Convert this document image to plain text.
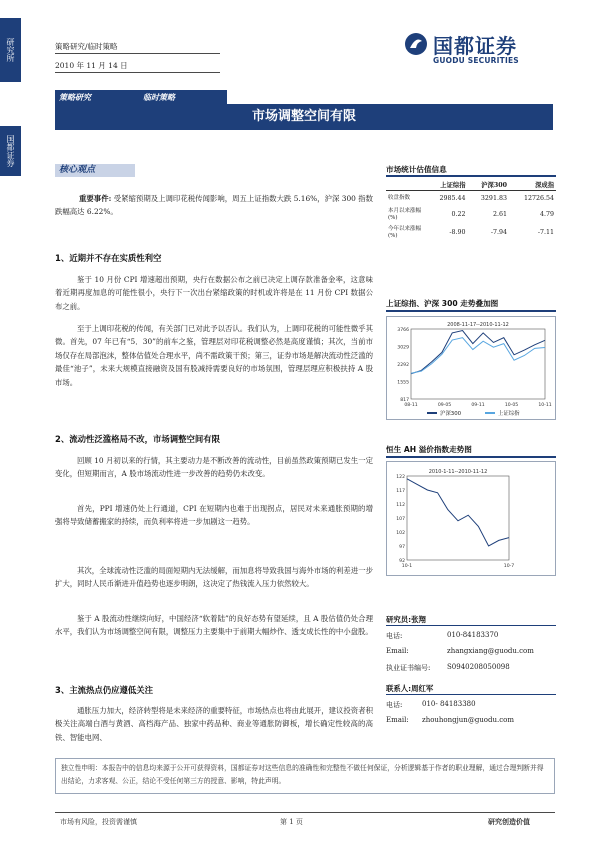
研究所
国都证券
策略研究/临时策略
2010 年 11 月 14 日
国都证券
GUODU SECURITIES
策略研究	临时策略
市场调整空间有限
核心观点
重要事件: 受紧缩预期及上调印花税传闻影响，周五上证指数大跌 5.16%，沪深 300 指数跌幅高达 6.22%。
1、近期并不存在实质性利空
鉴于 10 月份 CPI 增速超出预期，央行在数据公布之前已决定上调存款准备金率，这意味着近期再度加息的可能性很小，央行下一次出台紧缩政策的时机或许将是在 11 月份 CPI 数据公布之前。
至于上调印花税的传闻，有关部门已对此予以否认。我们认为，上调印花税的可能性微乎其微。首先，07 年已有“5．30”的前车之鉴，管理层对印花税调整必然是高度谨慎；其次，当前市场仅存在局部泡沫，整体估值处合理水平，尚不需政策干预；第三，证券市场是解决流动性泛滥的最佳“池子”，未来大规模直接融资及国有股减持需要良好的市场氛围，管理层理应积极扶持 A 股市场。
2、流动性泛滥格局不改，市场调整空间有限
回顾 10 月初以来的行情，其主要动力是不断改善的流动性，目前虽然政策预期已发生一定变化，但短期而言，A 股市场流动性进一步改善的趋势仍未改变。
首先，PPI 增速仍处上行通道，CPI 在短期内也难于出现拐点，居民对未来通胀预期的增强将导致储蓄搬家的持续，而负利率将进一步加剧这一趋势。
其次，全球流动性泛滥的局面短期内无法缓解，而加息将导致我国与海外市场的利差进一步扩大，同时人民币渐进升值趋势也逐步明朗，这决定了热钱流入压力依然较大。
鉴于 A 股流动性继续向好，中国经济“软着陆”的良好态势有望延续，且 A 股估值仍处合理水平，我们认为市场调整空间有限，调整压力主要集中于前期大幅炒作、透支成长性的中小盘股。
3、主流热点仍应遵低关注
通胀压力加大，经济转型将是未来经济的重要特征，市场热点也将由此展开，建议投资者积极关注高端白酒与黄酒、高档海产品、独家中药品种、商业等通胀防御板，增长确定性较高的高铁、智能电网、
市场统计估值信息
	上证综指	沪深300	深成指
收盘指数	2985.44	3291.83	12726.54
本月以来涨幅(%)	0.22	2.61	4.79
今年以来涨幅(%)	-8.90	-7.94	-7.11
上证综指、沪深 300 走势叠加图
3766
3029
2292
1555
817
08-11	09-05	09-11	10-05	10-11
2008-11-17--2010-11-12
沪深300	上证综指
恒生 AH 溢价指数走势图
122
117
112
107
102
97
92
10-1	10-7
2010-1-11--2010-11-12
研究员:张翔
电话:	010-84183370
Email:	zhangxiang@guodu.com
执业证书编号: S0940208050098
联系人:周红军
电话:	010- 84183380
Email: zhouhongjun@guodu.com
独立性申明：本报告中的信息均来源于公开可获得资料，国都证券对这些信息的准确性和完整性不做任何保证，分析逻辑基于作者的职业理解，通过合理判断并得出结论，力求客观、公正，结论不受任何第三方的授意、影响，特此声明。
市场有风险，投资需谨慎	第 1 页	研究创造价值
